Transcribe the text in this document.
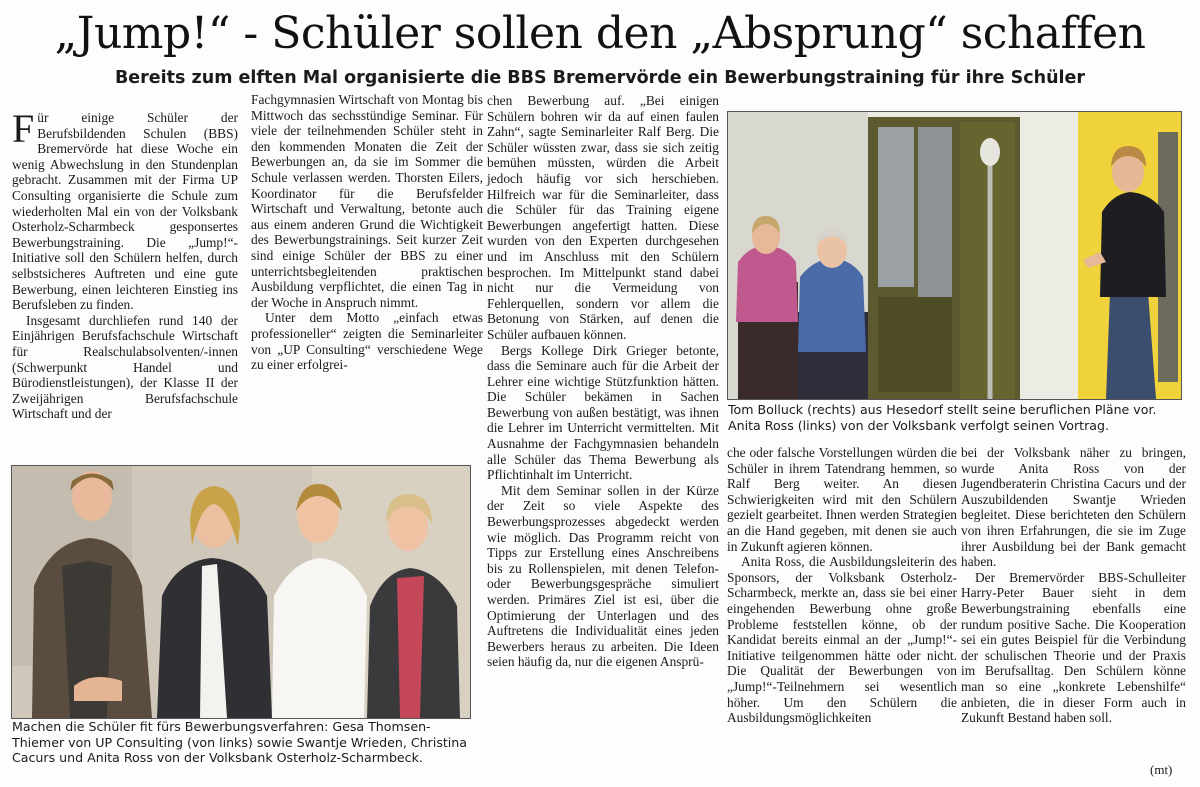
„Jump!“ - Schüler sollen den „Absprung“ schaffen
Bereits zum elften Mal organisierte die BBS Bremervörde ein Bewerbungstraining für ihre Schüler

Für einige Schüler der Berufsbildenden Schulen (BBS) Bremervörde hat diese Woche ein wenig Abwechslung in den Stundenplan gebracht. Zusammen mit der Firma UP Consulting organisierte die Schule zum wiederholten Mal ein von der Volksbank Osterholz-Scharmbeck gesponsertes Bewerbungstraining. Die „Jump!“-Initiative soll den Schülern helfen, durch selbstsicheres Auftreten und eine gute Bewerbung, einen leichteren Einstieg ins Berufsleben zu finden.

Insgesamt durchliefen rund 140 der Einjährigen Berufsfachschule Wirtschaft für Realschulabsolventen/-innen (Schwerpunkt Handel und Bürodienstleistungen), der Klasse II der Zweijährigen Berufsfachschule Wirtschaft und der

Fachgymnasien Wirtschaft von Montag bis Mittwoch das sechsstündige Seminar. Für viele der teilnehmenden Schüler steht in den kommenden Monaten die Zeit der Bewerbungen an, da sie im Sommer die Schule verlassen werden. Thorsten Eilers, Koordinator für die Berufsfelder Wirtschaft und Verwaltung, betonte auch aus einem anderen Grund die Wichtigkeit des Bewerbungstrainings. Seit kurzer Zeit sind einige Schüler der BBS zu einer unterrichtsbegleitenden praktischen Ausbildung verpflichtet, die einen Tag in der Woche in Anspruch nimmt.

Unter dem Motto „einfach etwas professioneller“ zeigten die Seminarleiter von „UP Consulting“ verschiedene Wege zu einer erfolgrei-

chen Bewerbung auf. „Bei einigen Schülern bohren wir da auf einen faulen Zahn“, sagte Seminarleiter Ralf Berg. Die Schüler wüssten zwar, dass sie sich zeitig bemühen müssten, würden die Arbeit jedoch häufig vor sich herschieben. Hilfreich war für die Seminarleiter, dass die Schüler für das Training eigene Bewerbungen angefertigt hatten. Diese wurden von den Experten durchgesehen und im Anschluss mit den Schülern besprochen. Im Mittelpunkt stand dabei nicht nur die Vermeidung von Fehlerquellen, sondern vor allem die Betonung von Stärken, auf denen die Schüler aufbauen können.

Bergs Kollege Dirk Grieger betonte, dass die Seminare auch für die Arbeit der Lehrer eine wichtige Stützfunktion hätten. Die Schüler bekämen in Sachen Bewerbung von außen bestätigt, was ihnen die Lehrer im Unterricht vermittelten. Mit Ausnahme der Fachgymnasien behandeln alle Schüler das Thema Bewerbung als Pflichtinhalt im Unterricht.

Mit dem Seminar sollen in der Kürze der Zeit so viele Aspekte des Bewerbungsprozesses abgedeckt werden wie möglich. Das Programm reicht von Tipps zur Erstellung eines Anschreibens bis zu Rollenspielen, mit denen Telefon- oder Bewerbungsgespräche simuliert werden. Primäres Ziel ist esi, über die Optimierung der Unterlagen und des Auftretens die Individualität eines jeden Bewerbers heraus zu arbeiten. Die Ideen seien häufig da, nur die eigenen Ansprü-

che oder falsche Vorstellungen würden die Schüler in ihrem Tatendrang hemmen, so Ralf Berg weiter. An diesen Schwierigkeiten wird mit den Schülern gezielt gearbeitet. Ihnen werden Strategien an die Hand gegeben, mit denen sie auch in Zukunft agieren können.

Anita Ross, die Ausbildungsleiterin des Sponsors, der Volksbank Osterholz-Scharmbeck, merkte an, dass sie bei einer eingehenden Bewerbung ohne große Probleme feststellen könne, ob der Kandidat bereits einmal an der „Jump!“-Initiative teilgenommen hätte oder nicht. Die Qualität der Bewerbungen von „Jump!“-Teilnehmern sei wesentlich höher. Um den Schülern die Ausbildungsmöglichkeiten

bei der Volksbank näher zu bringen, wurde Anita Ross von der Jugendberaterin Christina Cacurs und der Auszubildenden Swantje Wrieden begleitet. Diese berichteten den Schülern von ihren Erfahrungen, die sie im Zuge ihrer Ausbildung bei der Bank gemacht haben.

Der Bremervörder BBS-Schulleiter Harry-Peter Bauer sieht in dem Bewerbungstraining ebenfalls eine rundum positive Sache. Die Kooperation sei ein gutes Beispiel für die Verbindung der schulischen Theorie und der Praxis im Berufsalltag. Den Schülern könne man so eine „konkrete Lebenshilfe“ anbieten, die in dieser Form auch in Zukunft Bestand haben soll.

Machen die Schüler fit fürs Bewerbungsverfahren: Gesa Thomsen-Thiemer von UP Consulting (von links) sowie Swantje Wrieden, Christina Cacurs und Anita Ross von der Volksbank Osterholz-Scharmbeck.
Tom Bolluck (rechts) aus Hesedorf stellt seine beruflichen Pläne vor. Anita Ross (links) von der Volksbank verfolgt seinen Vortrag.
(mt)
